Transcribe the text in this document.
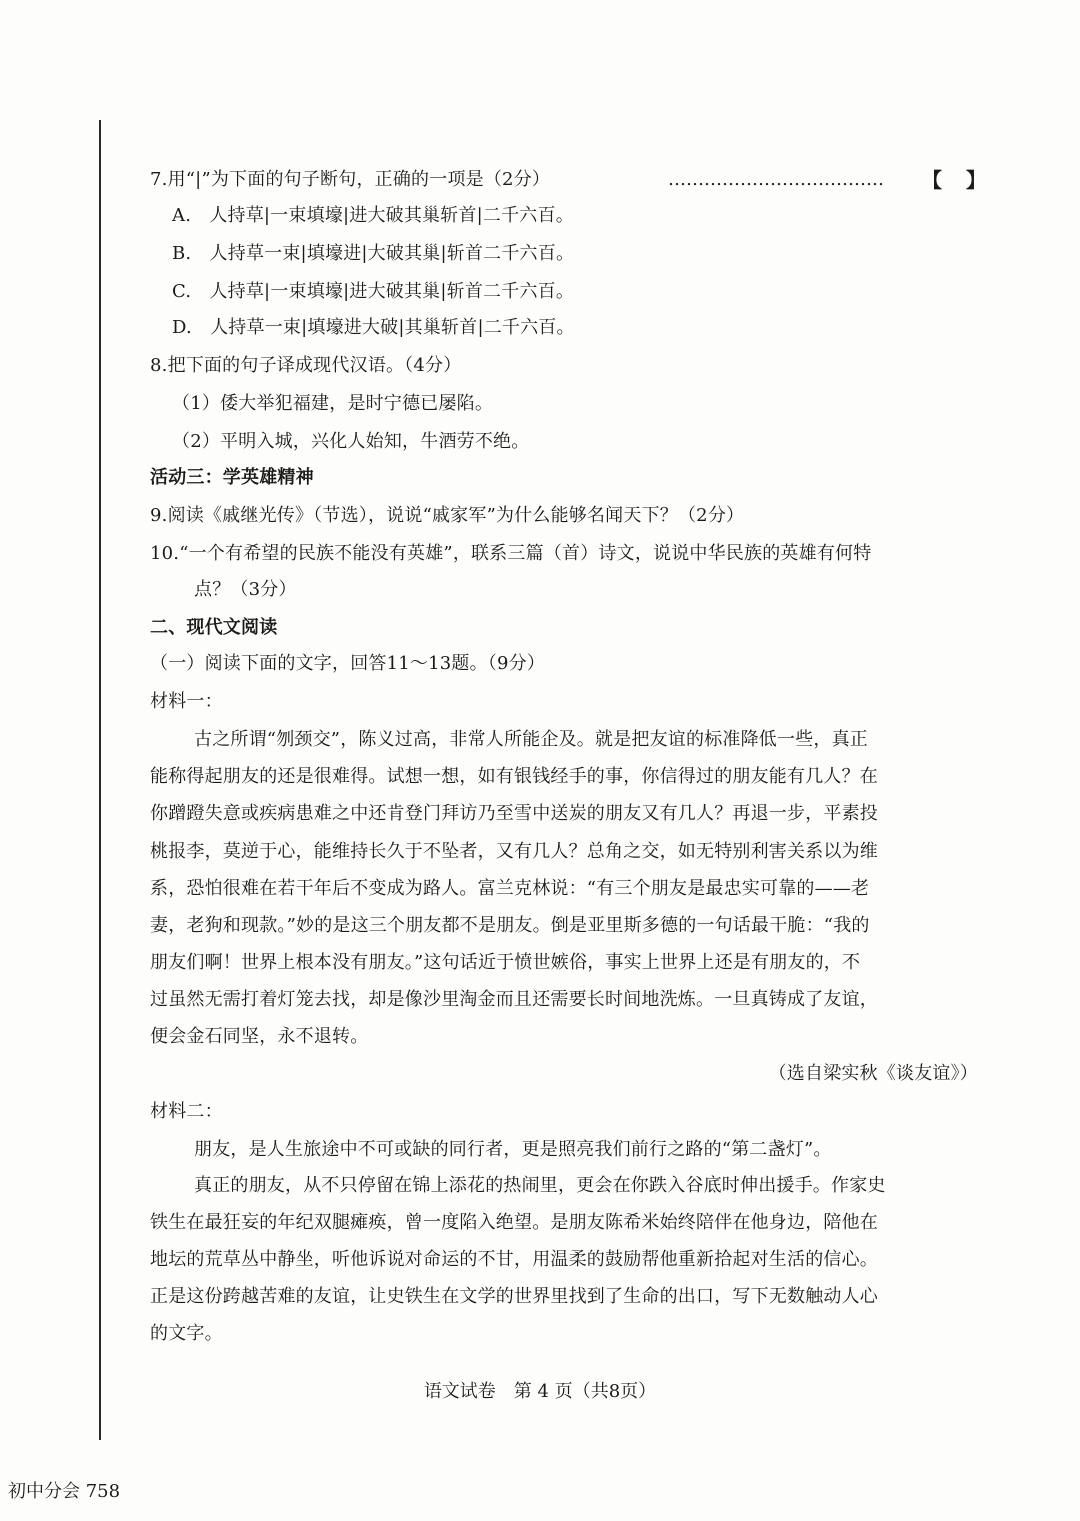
7.用“|”为下面的句子断句，正确的一项是（2分）	……………………………… 【 】
A.　人持草|一束填壕|进大破其巢斩首|二千六百。
B.　人持草一束|填壕进|大破其巢|斩首二千六百。
C.　人持草|一束填壕|进大破其巢|斩首二千六百。
D.　人持草一束|填壕进大破|其巢斩首|二千六百。
8.把下面的句子译成现代汉语。（4分）
（1）倭大举犯福建，是时宁德已屡陷。
（2）平明入城，兴化人始知，牛酒劳不绝。
活动三：学英雄精神
9.阅读《戚继光传》（节选），说说“戚家军”为什么能够名闻天下？（2分）
10.“一个有希望的民族不能没有英雄”，联系三篇（首）诗文，说说中华民族的英雄有何特
点？（3分）
二、现代文阅读
（一）阅读下面的文字，回答11～13题。（9分）
材料一：
古之所谓“刎颈交”，陈义过高，非常人所能企及。就是把友谊的标准降低一些，真正
能称得起朋友的还是很难得。试想一想，如有银钱经手的事，你信得过的朋友能有几人？在
你蹭蹬失意或疾病患难之中还肯登门拜访乃至雪中送炭的朋友又有几人？再退一步，平素投
桃报李，莫逆于心，能维持长久于不坠者，又有几人？总角之交，如无特别利害关系以为维
系，恐怕很难在若干年后不变成为路人。富兰克林说：“有三个朋友是最忠实可靠的——老
妻，老狗和现款。”妙的是这三个朋友都不是朋友。倒是亚里斯多德的一句话最干脆：“我的
朋友们啊！世界上根本没有朋友。”这句话近于愤世嫉俗，事实上世界上还是有朋友的，不
过虽然无需打着灯笼去找，却是像沙里淘金而且还需要长时间地洗炼。一旦真铸成了友谊，
便会金石同坚，永不退转。
（选自梁实秋《谈友谊》）
材料二：
朋友，是人生旅途中不可或缺的同行者，更是照亮我们前行之路的“第二盏灯”。
真正的朋友，从不只停留在锦上添花的热闹里，更会在你跌入谷底时伸出援手。作家史
铁生在最狂妄的年纪双腿瘫痪，曾一度陷入绝望。是朋友陈希米始终陪伴在他身边，陪他在
地坛的荒草丛中静坐，听他诉说对命运的不甘，用温柔的鼓励帮他重新拾起对生活的信心。
正是这份跨越苦难的友谊，让史铁生在文学的世界里找到了生命的出口，写下无数触动人心
的文字。
语文试卷　第 4 页（共8页）
初中分会 758
